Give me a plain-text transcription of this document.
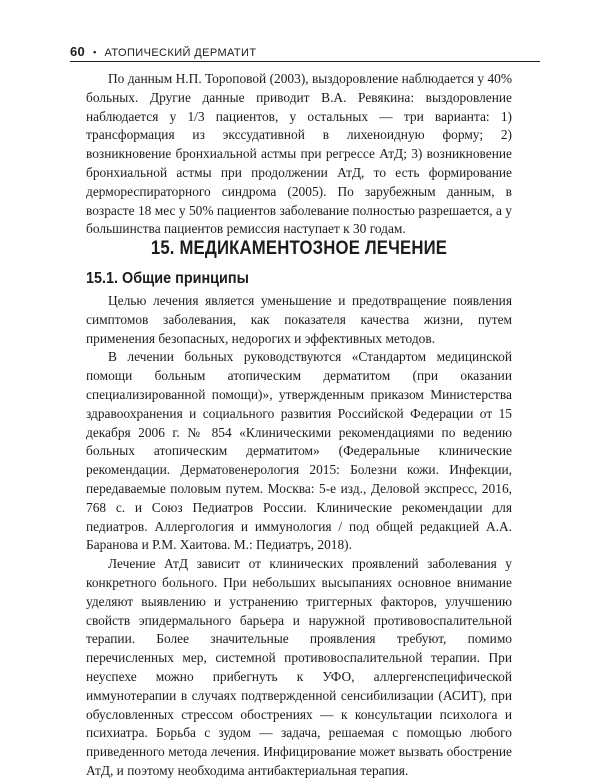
60 • АТОПИЧЕСКИЙ ДЕРМАТИТ

По данным Н.П. Тороповой (2003), выздоровление наблюдается у 40% больных. Другие данные приводит В.А. Ревякина: выздоровление наблюдается у 1/3 пациентов, у остальных — три варианта: 1) трансформация из экссудативной в лихеноидную форму; 2) возникновение бронхиальной астмы при регрессе АтД; 3) возникновение бронхиальной астмы при продолжении АтД, то есть формирование дермореспираторного синдрома (2005). По зарубежным данным, в возрасте 18 мес у 50% пациентов заболевание полностью разрешается, а у большинства пациентов ремиссия наступает к 30 годам.

15. МЕДИКАМЕНТОЗНОЕ ЛЕЧЕНИЕ
15.1. Общие принципы

Целью лечения является уменьшение и предотвращение появления симптомов заболевания, как показателя качества жизни, путем применения безопасных, недорогих и эффективных методов.

В лечении больных руководствуются «Стандартом медицинской помощи больным атопическим дерматитом (при оказании специализированной помощи)», утвержденным приказом Министерства здравоохранения и социального развития Российской Федерации от 15 декабря 2006 г. № 854 «Клиническими рекомендациями по ведению больных атопическим дерматитом» (Федеральные клинические рекомендации. Дерматовенерология 2015: Болезни кожи. Инфекции, передаваемые половым путем. Москва: 5-е изд., Деловой экспресс, 2016, 768 с. и Союз Педиатров России. Клинические рекомендации для педиатров. Аллергология и иммунология / под общей редакцией А.А. Баранова и Р.М. Хаитова. М.: Педиатръ, 2018).

Лечение АтД зависит от клинических проявлений заболевания у конкретного больного. При небольших высыпаниях основное внимание уделяют выявлению и устранению триггерных факторов, улучшению свойств эпидермального барьера и наружной противовоспалительной терапии. Более значительные проявления требуют, помимо перечисленных мер, системной противовоспалительной терапии. При неуспехе можно прибегнуть к УФО, аллергенспецифической иммунотерапии в случаях подтвержденной сенсибилизации (АСИТ), при обусловленных стрессом обострениях — к консультации психолога и психиатра. Борьба с зудом — задача, решаемая с помощью любого приведенного метода лечения. Инфицирование может вызвать обострение АтД, и поэтому необходима антибактериальная терапия.
